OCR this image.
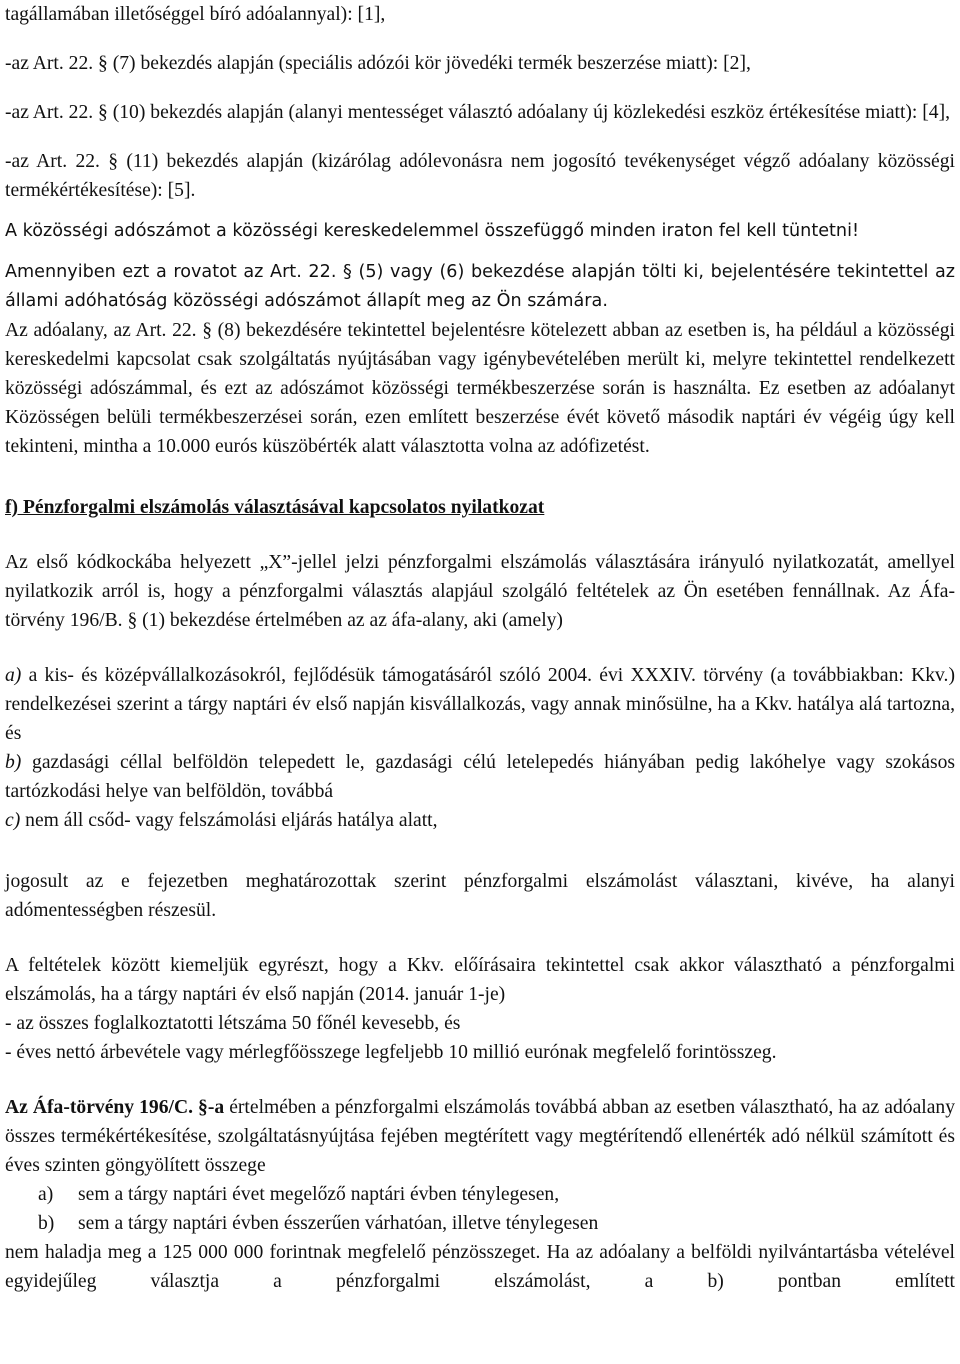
tagállamában illetőséggel bíró adóalannyal): [1],

-az Art. 22. § (7) bekezdés alapján (speciális adózói kör jövedéki termék beszerzése miatt): [2],

-az Art. 22. § (10) bekezdés alapján (alanyi mentességet választó adóalany új közlekedési eszköz értékesítése miatt): [4],

-az Art. 22. § (11) bekezdés alapján (kizárólag adólevonásra nem jogosító tevékenységet végző adóalany közösségi termékértékesítése): [5].

A közösségi adószámot a közösségi kereskedelemmel összefüggő minden iraton fel kell tüntetni!

Amennyiben ezt a rovatot az Art. 22. § (5) vagy (6) bekezdése alapján tölti ki, bejelentésére tekintettel az állami adóhatóság közösségi adószámot állapít meg az Ön számára.

Az adóalany, az Art. 22. § (8) bekezdésére tekintettel bejelentésre kötelezett abban az esetben is, ha például a közösségi kereskedelmi kapcsolat csak szolgáltatás nyújtásában vagy igénybevételében merült ki, melyre tekintettel rendelkezett közösségi adószámmal, és ezt az adószámot közösségi termékbeszerzése során is használta. Ez esetben az adóalanyt Közösségen belüli termékbeszerzései során, ezen említett beszerzése évét követő második naptári év végéig úgy kell tekinteni, mintha a 10.000 eurós küszöbérték alatt választotta volna az adófizetést.

f) Pénzforgalmi elszámolás választásával kapcsolatos nyilatkozat

Az első kódkockába helyezett „X”-jellel jelzi pénzforgalmi elszámolás választására irányuló nyilatkozatát, amellyel nyilatkozik arról is, hogy a pénzforgalmi választás alapjául szolgáló feltételek az Ön esetében fennállnak. Az Áfa-törvény 196/B. § (1) bekezdése értelmében az az áfa-alany, aki (amely)

a) a kis- és középvállalkozásokról, fejlődésük támogatásáról szóló 2004. évi XXXIV. törvény (a továbbiakban: Kkv.) rendelkezései szerint a tárgy naptári év első napján kisvállalkozás, vagy annak minősülne, ha a Kkv. hatálya alá tartozna, és

b) gazdasági céllal belföldön telepedett le, gazdasági célú letelepedés hiányában pedig lakóhelye vagy szokásos tartózkodási helye van belföldön, továbbá

c) nem áll csőd- vagy felszámolási eljárás hatálya alatt,

jogosult az e fejezetben meghatározottak szerint pénzforgalmi elszámolást választani, kivéve, ha alanyi adómentességben részesül.

A feltételek között kiemeljük egyrészt, hogy a Kkv. előírásaira tekintettel csak akkor választható a pénzforgalmi elszámolás, ha a tárgy naptári év első napján (2014. január 1-je)

- az összes foglalkoztatotti létszáma 50 főnél kevesebb, és

- éves nettó árbevétele vagy mérlegfőösszege legfeljebb 10 millió eurónak megfelelő forintösszeg.

Az Áfa-törvény 196/C. §-a értelmében a pénzforgalmi elszámolás továbbá abban az esetben választható, ha az adóalany összes termékértékesítése, szolgáltatásnyújtása fejében megtérített vagy megtérítendő ellenérték adó nélkül számított és éves szinten göngyölített összege

a)	sem a tárgy naptári évet megelőző naptári évben ténylegesen,
b)	sem a tárgy naptári évben ésszerűen várhatóan, illetve ténylegesen

nem haladja meg a 125 000 000 forintnak megfelelő pénzösszeget. Ha az adóalany a belföldi nyilvántartásba vételével egyidejűleg választja a pénzforgalmi elszámolást, a b) pontban említett
